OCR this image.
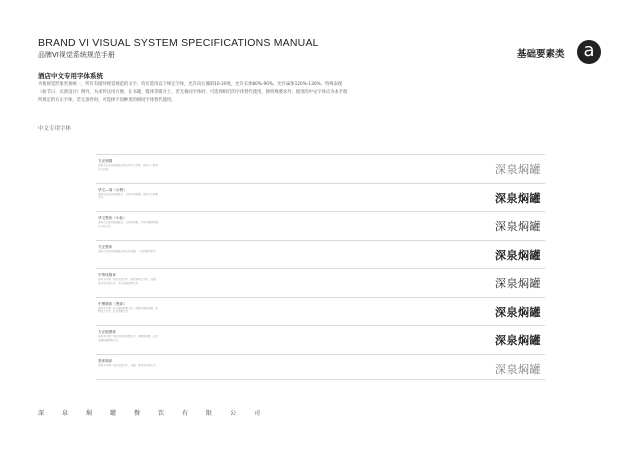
BRAND VI VISUAL SYSTEM SPECIFICATIONS MANUAL
品牌VI视觉系统规范手册	基础要素类	a
酒店中文专用字体系统
为使视觉形象更加统一，所有有破坏视觉规范的文字，均应选用以下规定字体，允许向右倾斜10-20度，允许长体80%-90%，允许扁体120%-130%，特殊表现（如节日、庆典设计）例外，为求传达用方便、在书籍、媒体等媒介上，若无相同字体时，可选择相近的字体替代使用，除特殊要求外，使用的中文字体应为本手册所规定的方正字体，若无条件时，可选择不同种类的相同字体替代使用。
中文专用字体
方正细圆
适用于企业的标准组合和文件中文字体，适用于一般性正文内容。	深泉焖罐
华文—周（示例）
适用于企业的标准组合，文件中的标题，适用于主标题文字。	深泉焖罐
华文黑体（小标）
适用于企业的标准组合，文件的标题，可用于辅助标题与小标文字。	深泉焖罐
方正黑体
适用于企业的标准组合和文件标题，广告标题字体等。	深泉焖罐
中等线简体
适用于中英广告的文案文字，海报说明文字等，书籍、报刊等内容文字，以及重要说明文字。	深泉焖罐
中黑简体（黑体）
适用于中英广告文案的标题文字，标题及海报标题，说明性文字等，以及重要文字。	深泉焖罐
方正粗黑体
适用于中英广告的文案中标题文字，说明性标题，以及重要标题说明文字。	深泉焖罐
隶体简体
适用于中英广告的文案文字，书籍、报刊等内容文字。	深泉焖罐
深泉焖罐餐饮有限公司
